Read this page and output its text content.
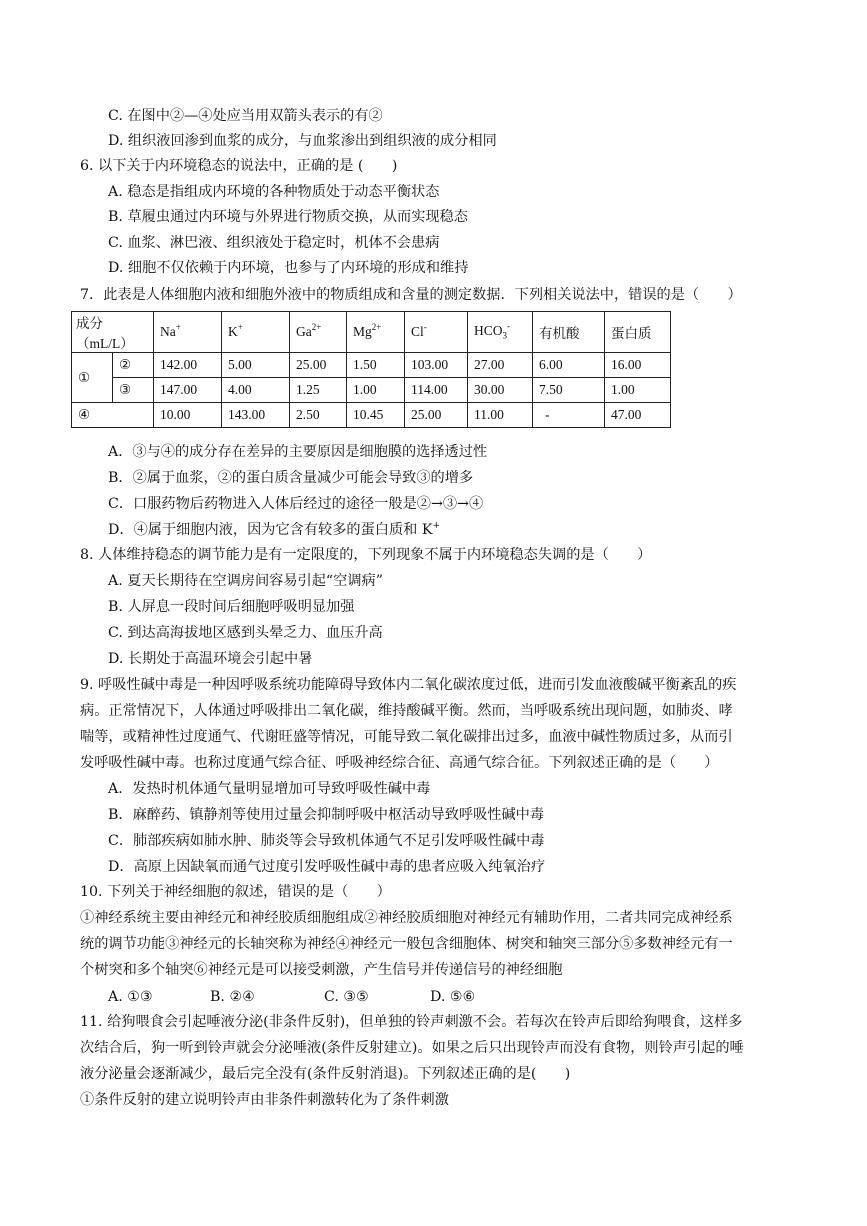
C. 在图中②—④处应当用双箭头表示的有②
D. 组织液回渗到血浆的成分，与血浆渗出到组织液的成分相同
6. 以下关于内环境稳态的说法中，正确的是 (　　)
A. 稳态是指组成内环境的各种物质处于动态平衡状态
B. 草履虫通过内环境与外界进行物质交换，从而实现稳态
C. 血浆、淋巴液、组织液处于稳定时，机体不会患病
D. 细胞不仅依赖于内环境，也参与了内环境的形成和维持
7．此表是人体细胞内液和细胞外液中的物质组成和含量的测定数据．下列相关说法中，错误的是（　　）
成分
（mL/L）		Na+	K+	$Ga^{2+}$	$Mg^{2+}$	Cl-	$HCO_3^-$	有机酸	蛋白质
①	②	142.00	5.00	25.00	1.50	103.00	27.00	6.00	16.00
	③	147.00	4.00	1.25	1.00	114.00	30.00	7.50	1.00
④		10.00	143.00	2.50	10.45	25.00	11.00	-	47.00
A．③与④的成分存在差异的主要原因是细胞膜的选择透过性
B．②属于血浆，②的蛋白质含量减少可能会导致③的增多
C．口服药物后药物进入人体后经过的途径一般是②→③→④
D．④属于细胞内液，因为它含有较多的蛋白质和 K+
8. 人体维持稳态的调节能力是有一定限度的，下列现象不属于内环境稳态失调的是（　　）
A. 夏天长期待在空调房间容易引起“空调病”
B. 人屏息一段时间后细胞呼吸明显加强
C. 到达高海拔地区感到头晕乏力、血压升高
D. 长期处于高温环境会引起中暑
9. 呼吸性碱中毒是一种因呼吸系统功能障碍导致体内二氧化碳浓度过低，进而引发血液酸碱平衡紊乱的疾
病。正常情况下，人体通过呼吸排出二氧化碳，维持酸碱平衡。然而，当呼吸系统出现问题，如肺炎、哮
喘等，或精神性过度通气、代谢旺盛等情况，可能导致二氧化碳排出过多，血液中碱性物质过多，从而引
发呼吸性碱中毒。也称过度通气综合征、呼吸神经综合征、高通气综合征。下列叙述正确的是（　　）
A．发热时机体通气量明显增加可导致呼吸性碱中毒
B．麻醉药、镇静剂等使用过量会抑制呼吸中枢活动导致呼吸性碱中毒
C．肺部疾病如肺水肿、肺炎等会导致机体通气不足引发呼吸性碱中毒
D．高原上因缺氧而通气过度引发呼吸性碱中毒的患者应吸入纯氧治疗
10. 下列关于神经细胞的叙述，错误的是（　　）
①神经系统主要由神经元和神经胶质细胞组成②神经胶质细胞对神经元有辅助作用，二者共同完成神经系
统的调节功能③神经元的长轴突称为神经④神经元一般包含细胞体、树突和轴突三部分⑤多数神经元有一
个树突和多个轴突⑥神经元是可以接受刺激，产生信号并传递信号的神经细胞
A. ①③	B. ②④	C. ③⑤	D. ⑤⑥
11. 给狗喂食会引起唾液分泌(非条件反射)，但单独的铃声刺激不会。若每次在铃声后即给狗喂食，这样多
次结合后，狗一听到铃声就会分泌唾液(条件反射建立)。如果之后只出现铃声而没有食物，则铃声引起的唾
液分泌量会逐渐减少，最后完全没有(条件反射消退)。下列叙述正确的是(　　)
①条件反射的建立说明铃声由非条件刺激转化为了条件刺激
